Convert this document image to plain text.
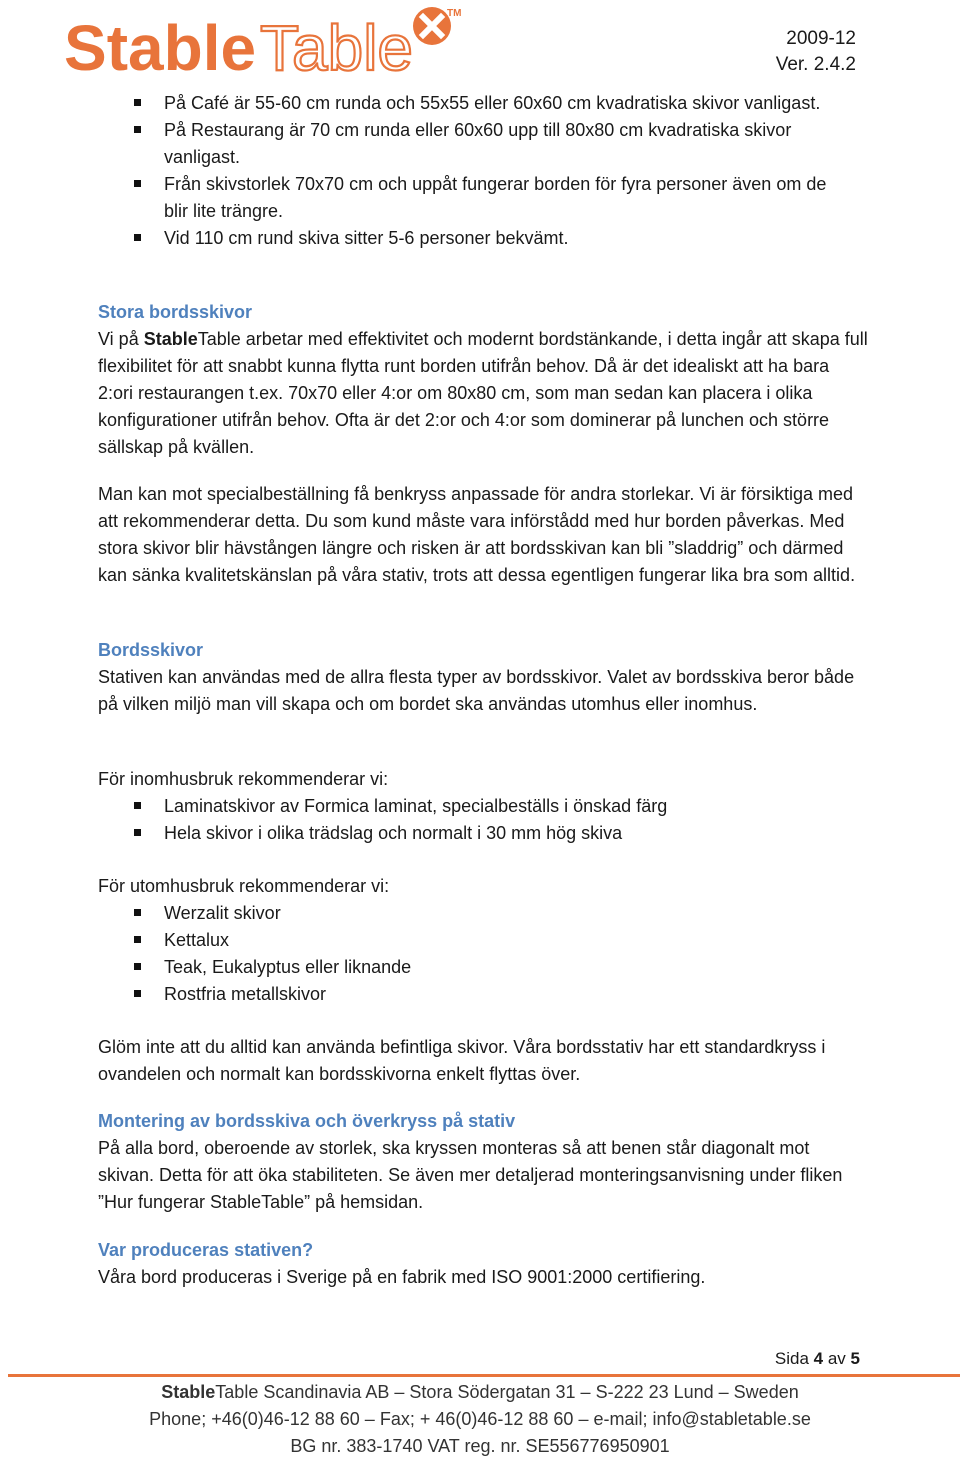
Stable Table	TM
2009-12
Ver. 2.4.2
På Café är 55-60 cm runda och 55x55 eller 60x60 cm kvadratiska skivor vanligast.
På Restaurang är 70 cm runda eller 60x60 upp till 80x80 cm kvadratiska skivor vanligast.
Från skivstorlek 70x70 cm och uppåt fungerar borden för fyra personer även om de blir lite trängre.
Vid 110 cm rund skiva sitter 5-6 personer bekvämt.
Stora bordsskivor

Vi på StableTable arbetar med effektivitet och modernt bordstänkande, i detta ingår att skapa full flexibilitet för att snabbt kunna flytta runt borden utifrån behov. Då är det idealiskt att ha bara 2:ori restaurangen t.ex. 70x70 eller 4:or om 80x80 cm, som man sedan kan placera i olika konfigurationer utifrån behov. Ofta är det 2:or och 4:or som dominerar på lunchen och större sällskap på kvällen.

Man kan mot specialbeställning få benkryss anpassade för andra storlekar. Vi är försiktiga med att rekommenderar detta. Du som kund måste vara införstådd med hur borden påverkas. Med stora skivor blir hävstången längre och risken är att bordsskivan kan bli ”sladdrig” och därmed kan sänka kvalitetskänslan på våra stativ, trots att dessa egentligen fungerar lika bra som alltid.

Bordsskivor

Stativen kan användas med de allra flesta typer av bordsskivor. Valet av bordsskiva beror både på vilken miljö man vill skapa och om bordet ska användas utomhus eller inomhus.

För inomhusbruk rekommenderar vi:

Laminatskivor av Formica laminat, specialbeställs i önskad färg
Hela skivor i olika trädslag och normalt i 30 mm hög skiva

För utomhusbruk rekommenderar vi:

Werzalit skivor
Kettalux
Teak, Eukalyptus eller liknande
Rostfria metallskivor

Glöm inte att du alltid kan använda befintliga skivor. Våra bordsstativ har ett standardkryss i ovandelen och normalt kan bordsskivorna enkelt flyttas över.

Montering av bordsskiva och överkryss på stativ

På alla bord, oberoende av storlek, ska kryssen monteras så att benen står diagonalt mot skivan. Detta för att öka stabiliteten. Se även mer detaljerad monteringsanvisning under fliken ”Hur fungerar StableTable” på hemsidan.

Var produceras stativen?

Våra bord produceras i Sverige på en fabrik med ISO 9001:2000 certifiering.

Sida 4 av 5
StableTable Scandinavia AB – Stora Södergatan 31 – S-222 23 Lund – Sweden
Phone; +46(0)46-12 88 60 – Fax; + 46(0)46-12 88 60 – e-mail; info@stabletable.se
BG nr. 383-1740 VAT reg. nr. SE556776950901
